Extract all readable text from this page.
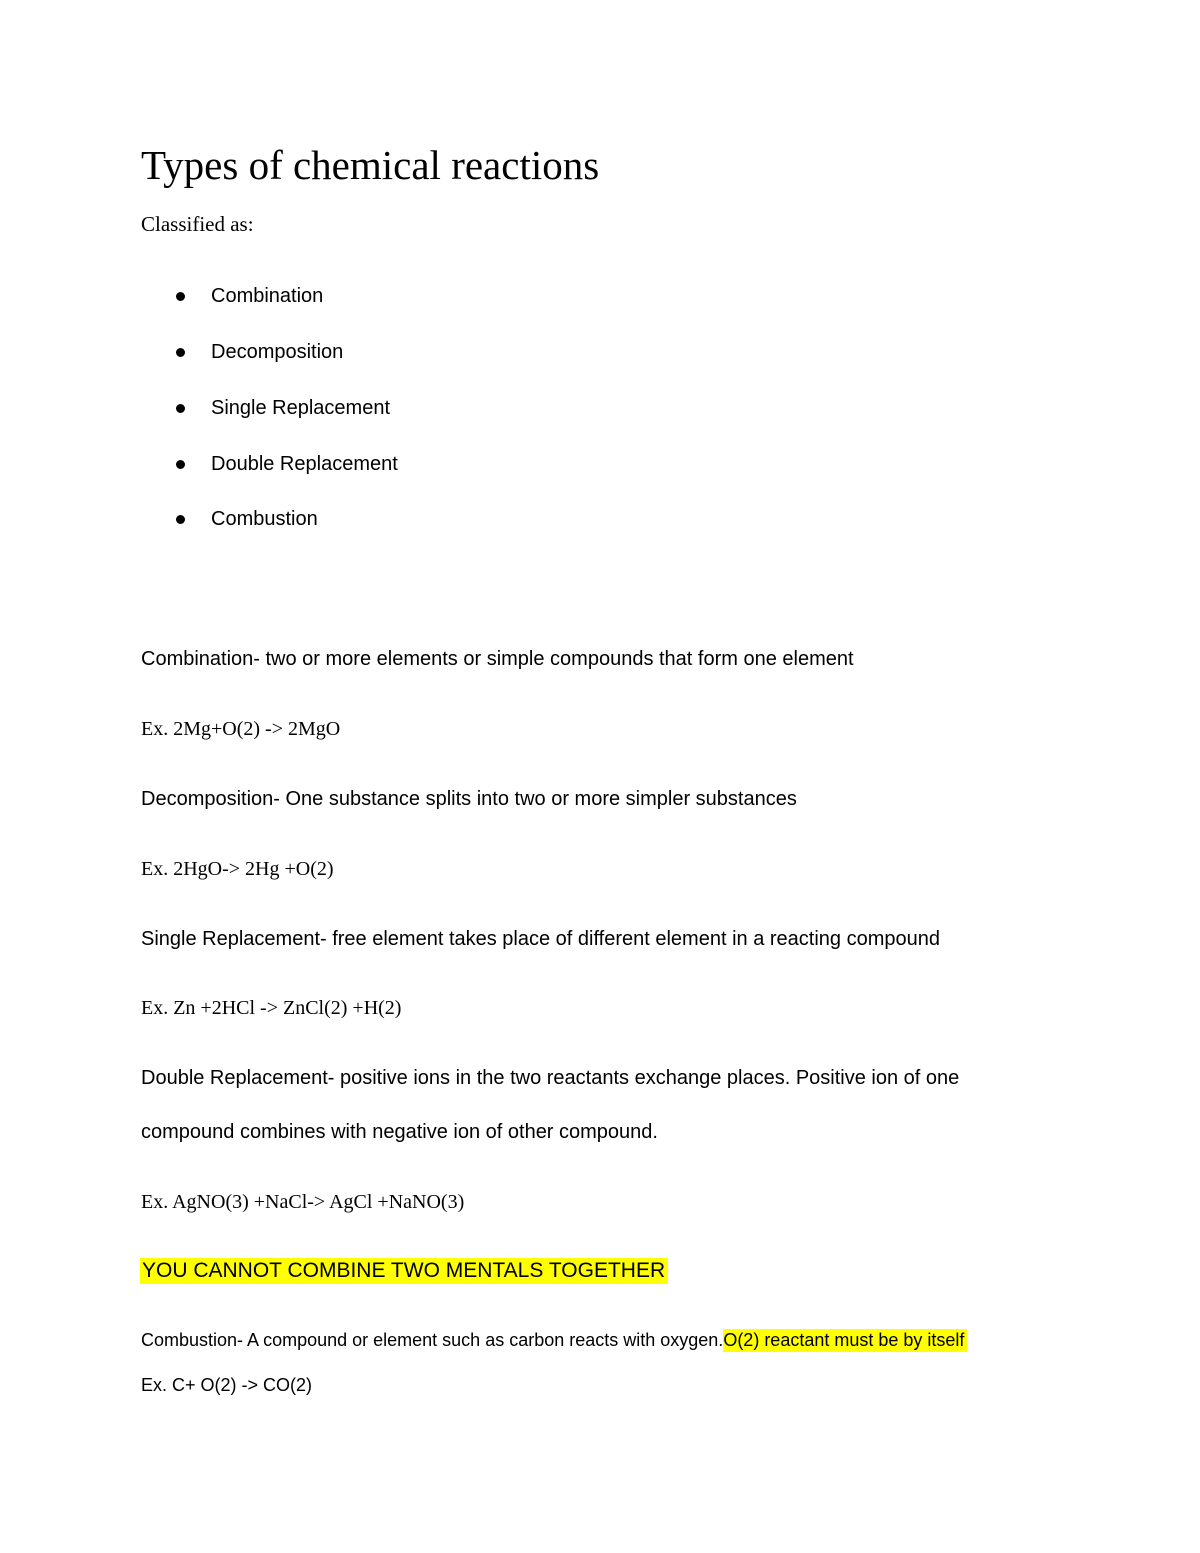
Types of chemical reactions
Classified as:
Combination
Decomposition
Single Replacement
Double Replacement
Combustion
Combination- two or more elements or simple compounds that form one element
Ex. 2Mg+O(2) -> 2MgO
Decomposition- One substance splits into two or more simpler substances
Ex. 2HgO-> 2Hg +O(2)
Single Replacement- free element takes place of different element in a reacting compound
Ex. Zn +2HCl -> ZnCl(2) +H(2)
Double Replacement- positive ions in the two reactants exchange places. Positive ion of one
compound combines with negative ion of other compound.
Ex. AgNO(3) +NaCl-> AgCl +NaNO(3)
YOU CANNOT COMBINE TWO MENTALS TOGETHER
Combustion- A compound or element such as carbon reacts with oxygen.O(2) reactant must be by itself
Ex. C+ O(2) -> CO(2)
